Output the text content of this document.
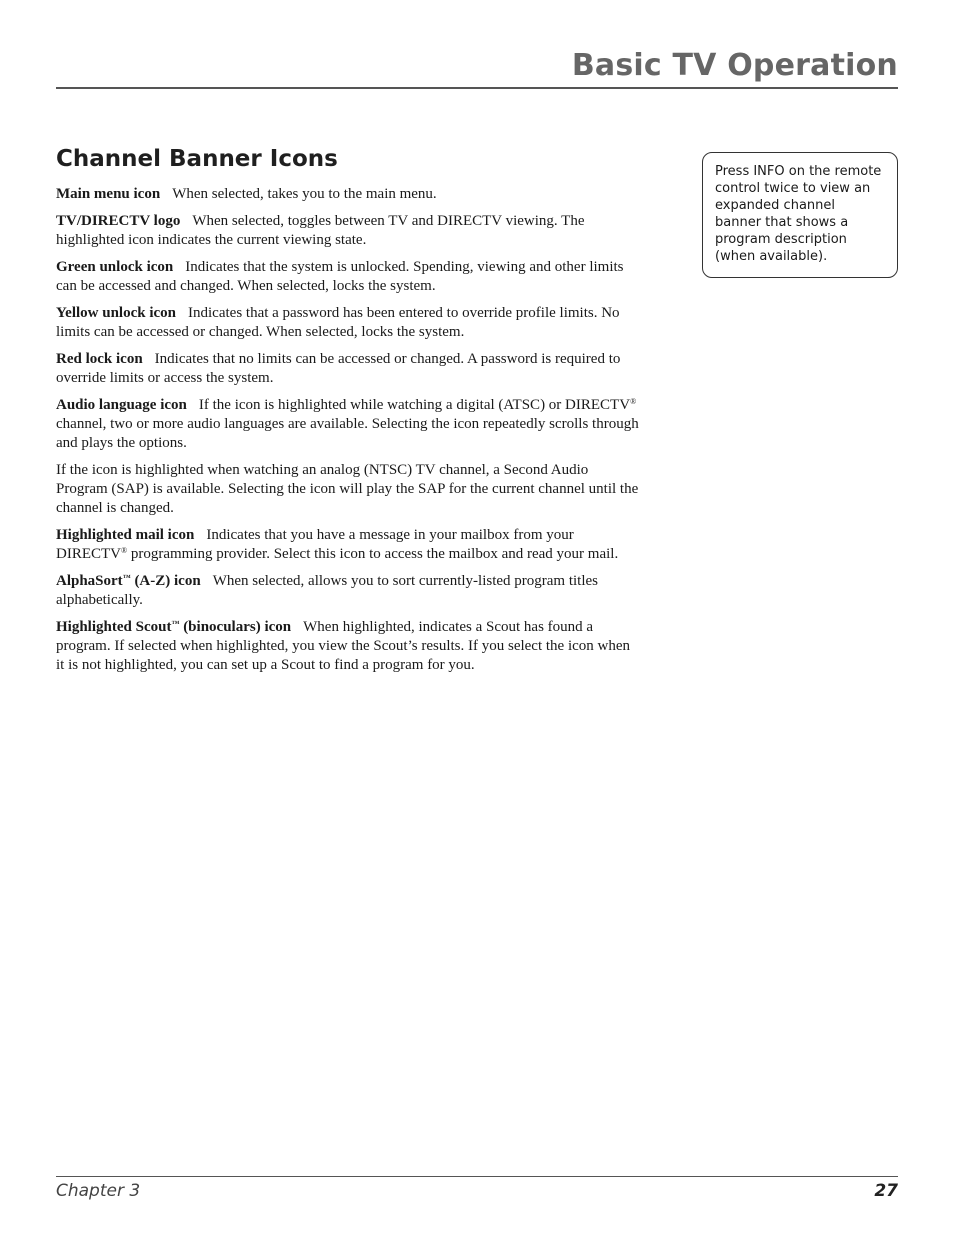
Basic TV Operation
Channel Banner Icons

Main menu icon When selected, takes you to the main menu.

TV/DIRECTV logo When selected, toggles between TV and DIRECTV viewing. The highlighted icon indicates the current viewing state.

Green unlock icon Indicates that the system is unlocked. Spending, viewing and other limits can be accessed and changed. When selected, locks the system.

Yellow unlock icon Indicates that a password has been entered to override profile limits. No limits can be accessed or changed. When selected, locks the system.

Red lock icon Indicates that no limits can be accessed or changed. A password is required to override limits or access the system.

Audio language icon If the icon is highlighted while watching a digital (ATSC) or DIRECTV® channel, two or more audio languages are available. Selecting the icon repeatedly scrolls through and plays the options.

If the icon is highlighted when watching an analog (NTSC) TV channel, a Second Audio Program (SAP) is available. Selecting the icon will play the SAP for the current channel until the channel is changed.

Highlighted mail icon Indicates that you have a message in your mailbox from your DIRECTV® programming provider. Select this icon to access the mailbox and read your mail.

AlphaSort™ (A-Z) icon When selected, allows you to sort currently-listed program titles alphabetically.

Highlighted Scout™ (binoculars) icon When highlighted, indicates a Scout has found a program. If selected when highlighted, you view the Scout’s results. If you select the icon when it is not highlighted, you can set up a Scout to find a program for you.

Press INFO on the remote control twice to view an expanded channel banner that shows a program description (when available).
Chapter 3	27
